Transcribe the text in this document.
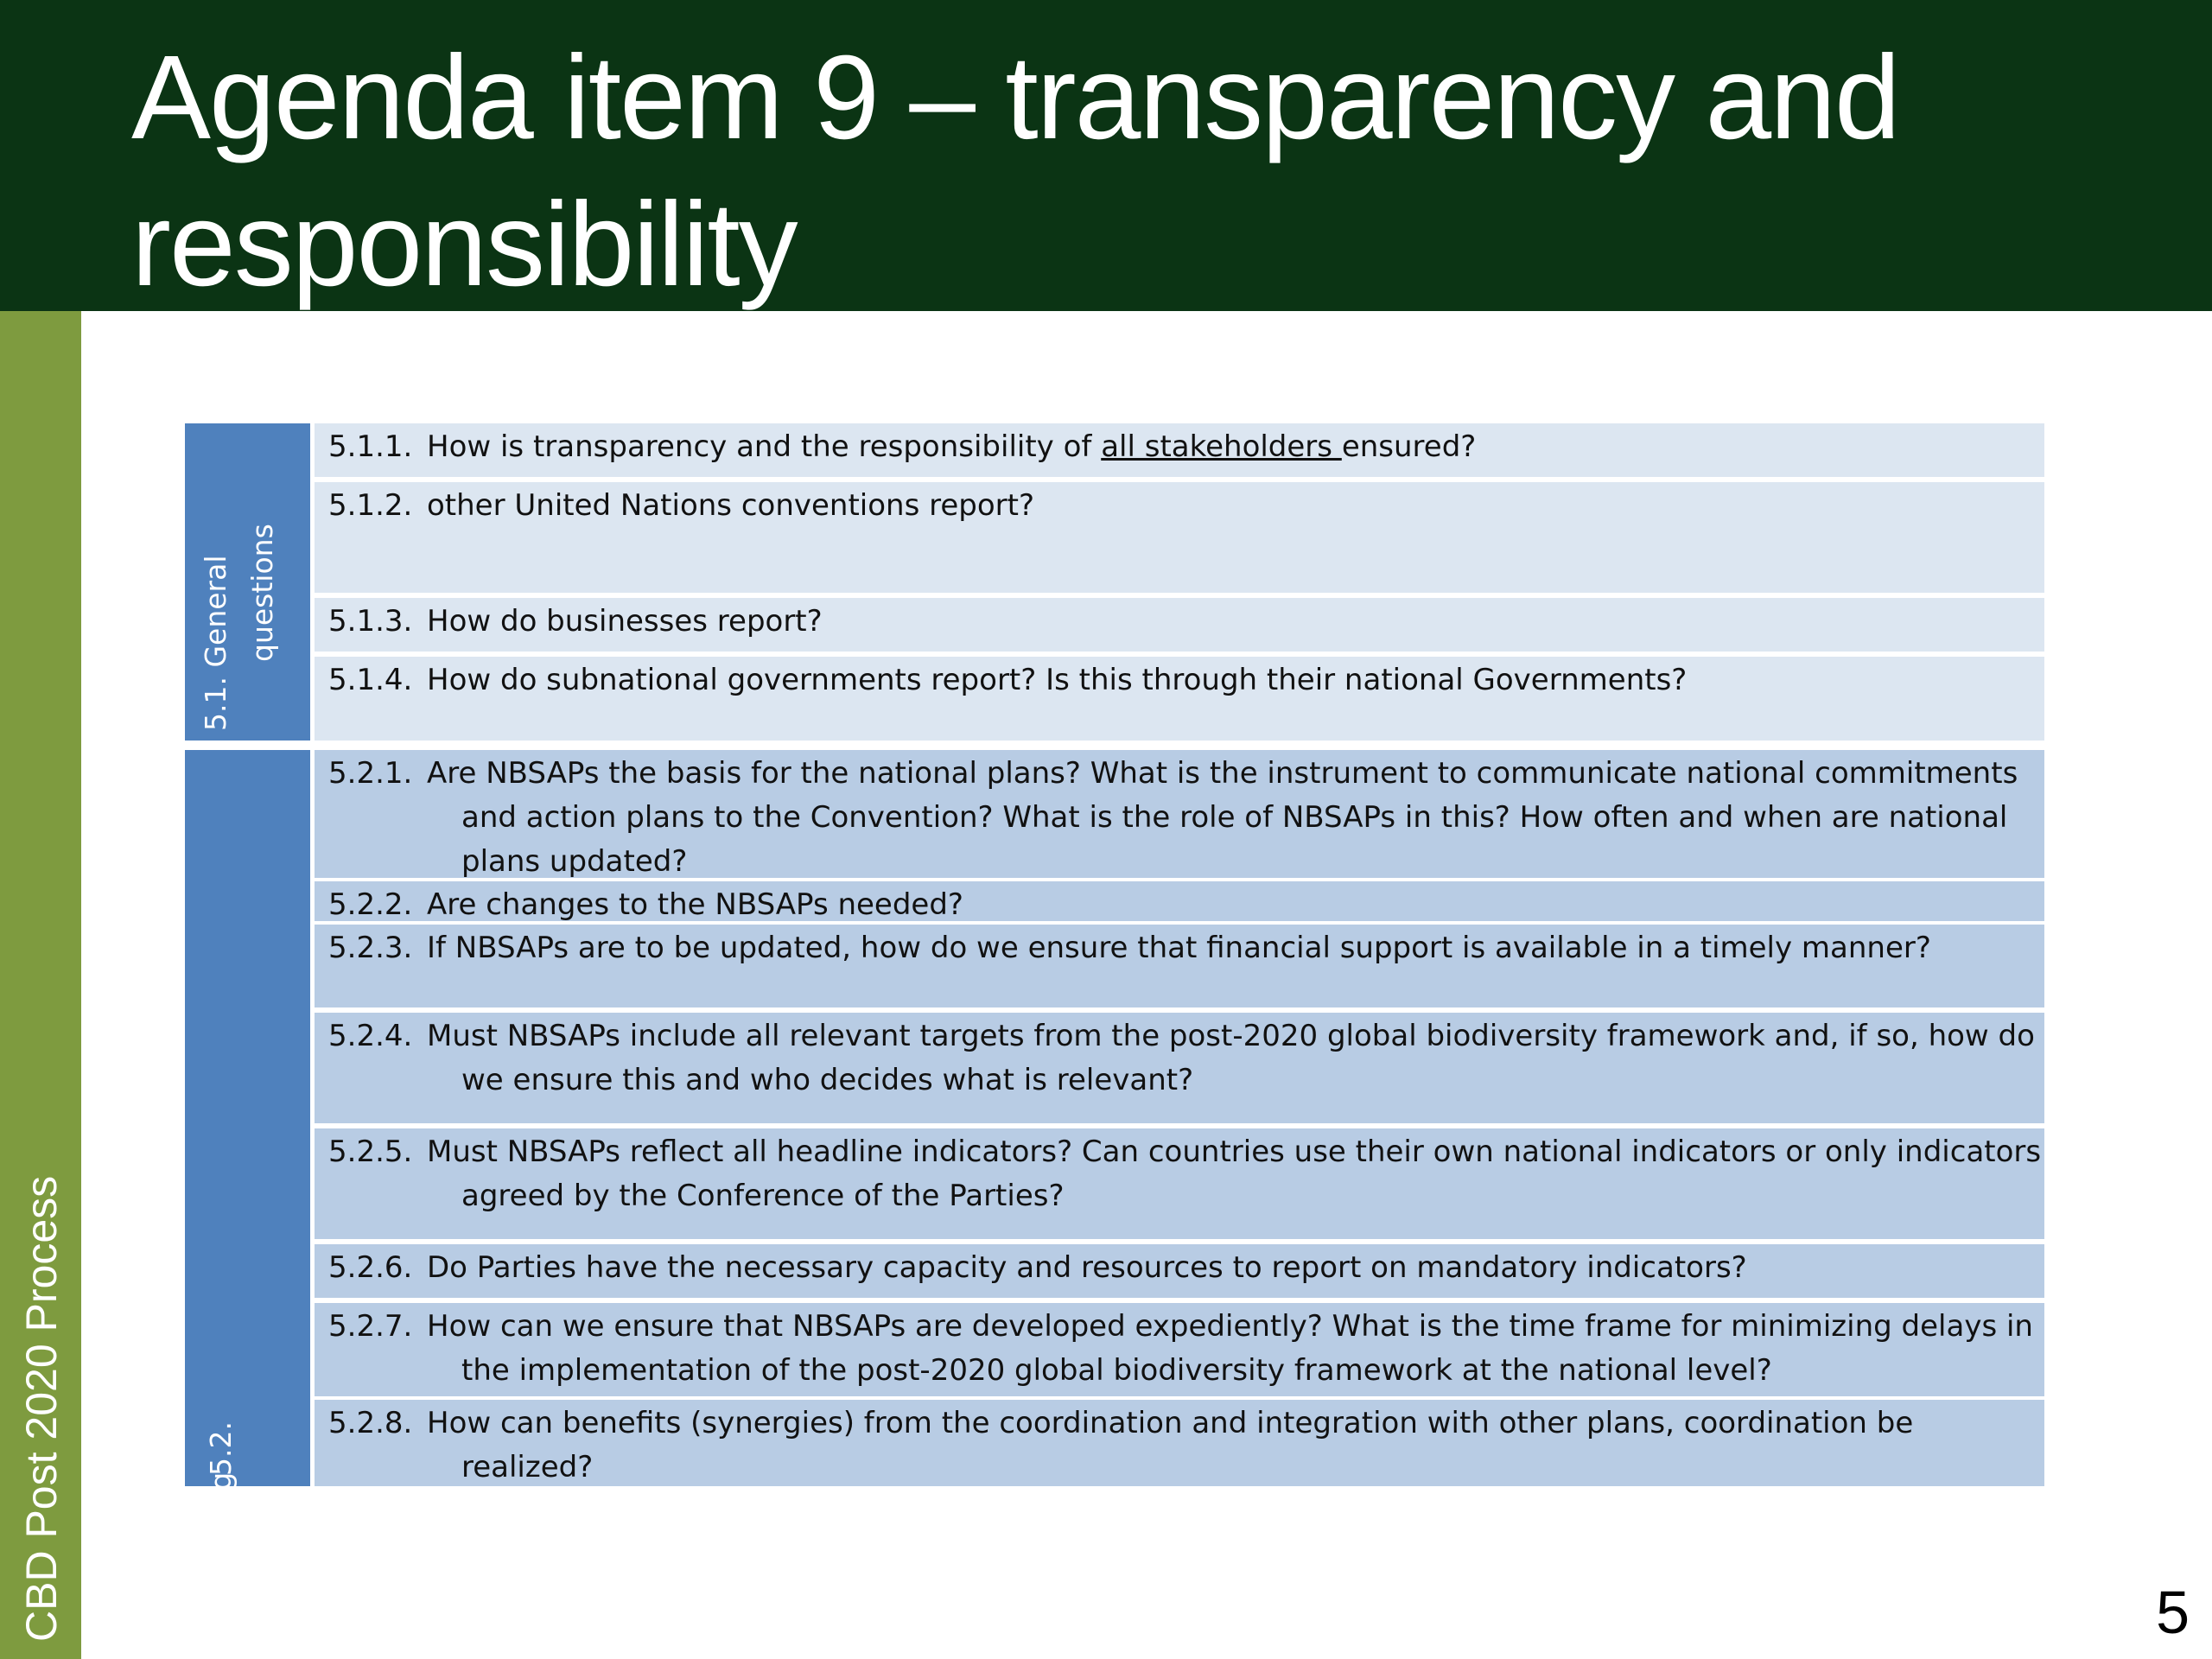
Agenda item 9 – transparency and
responsibility
CBD Post 2020 Process
5.1. General questions
5.2.
Planning
5.1.1. How is transparency and the responsibility of all stakeholders ensured?
5.1.2. other United Nations conventions report?
5.1.3. How do businesses report?
5.1.4. How do subnational governments report? Is this through their national Governments?
5.2.1. Are NBSAPs the basis for the national plans? What is the instrument to communicate national commitments and action plans to the Convention? What is the role of NBSAPs in this? How often and when are national plans updated?
5.2.2. Are changes to the NBSAPs needed?
5.2.3. If NBSAPs are to be updated, how do we ensure that financial support is available in a timely manner?
5.2.4. Must NBSAPs include all relevant targets from the post-2020 global biodiversity framework and, if so, how do we ensure this and who decides what is relevant?
5.2.5. Must NBSAPs reflect all headline indicators? Can countries use their own national indicators or only indicators agreed by the Conference of the Parties?
5.2.6. Do Parties have the necessary capacity and resources to report on mandatory indicators?
5.2.7. How can we ensure that NBSAPs are developed expediently? What is the time frame for minimizing delays in the implementation of the post-2020 global biodiversity framework at the national level?
5.2.8. How can benefits (synergies) from the coordination and integration with other plans, coordination be realized?
5
